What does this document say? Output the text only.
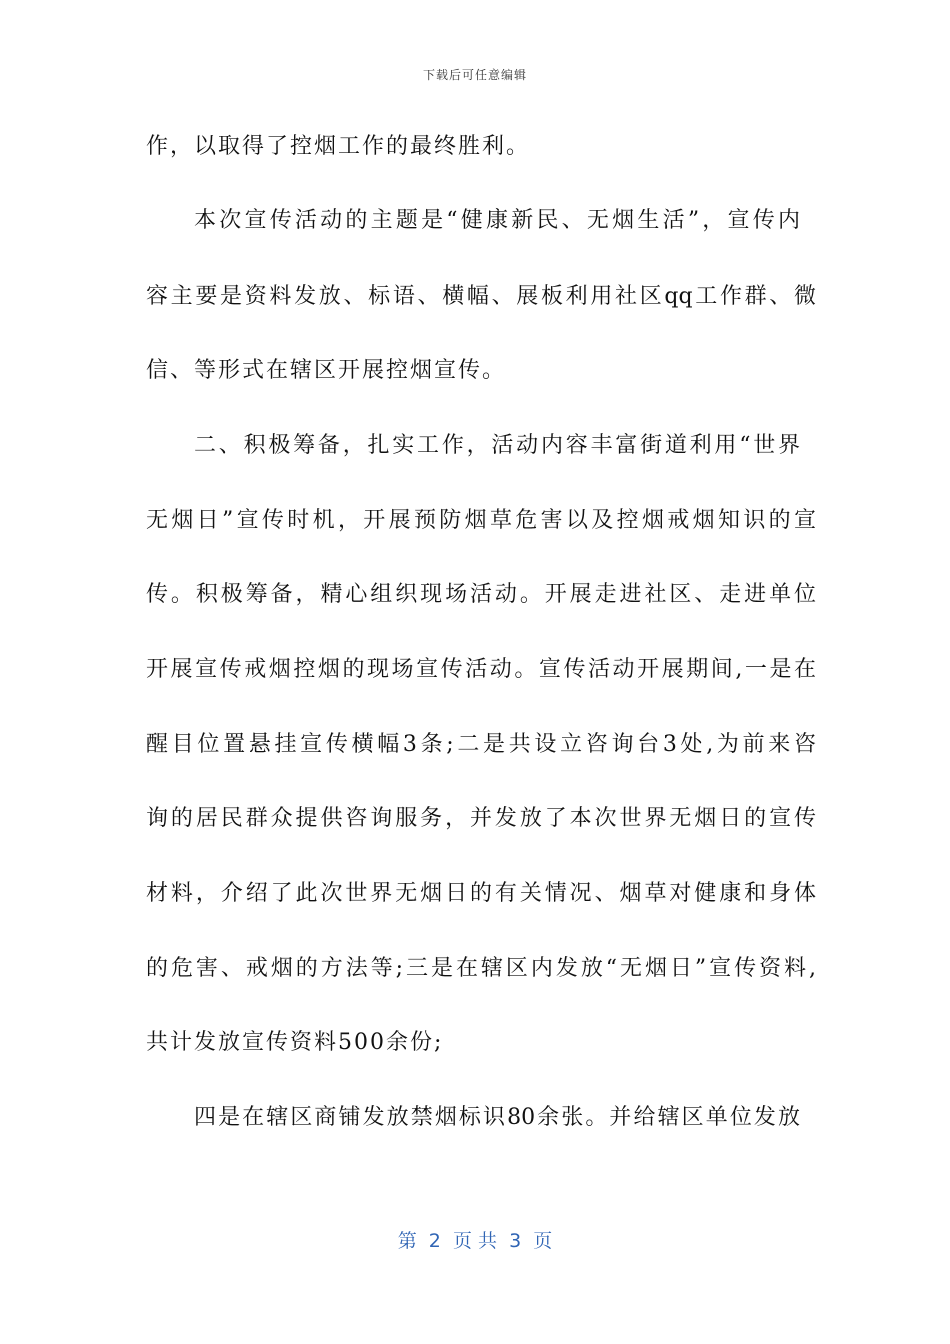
下载后可任意编辑
作，以取得了控烟工作的最终胜利。
本次宣传活动的主题是“健康新民、无烟生活”，宣传内
容主要是资料发放、标语、横幅、展板利用社区qq工作群、微
信、等形式在辖区开展控烟宣传。
二、积极筹备，扎实工作，活动内容丰富街道利用“世界
无烟日”宣传时机，开展预防烟草危害以及控烟戒烟知识的宣
传。积极筹备，精心组织现场活动。开展走进社区、走进单位
开展宣传戒烟控烟的现场宣传活动。宣传活动开展期间,一是在
醒目位置悬挂宣传横幅3条;二是共设立咨询台3处,为前来咨
询的居民群众提供咨询服务，并发放了本次世界无烟日的宣传
材料，介绍了此次世界无烟日的有关情况、烟草对健康和身体
的危害、戒烟的方法等;三是在辖区内发放“无烟日”宣传资料,
共计发放宣传资料500余份;
四是在辖区商铺发放禁烟标识80余张。并给辖区单位发放
第  2  页 共  3  页
